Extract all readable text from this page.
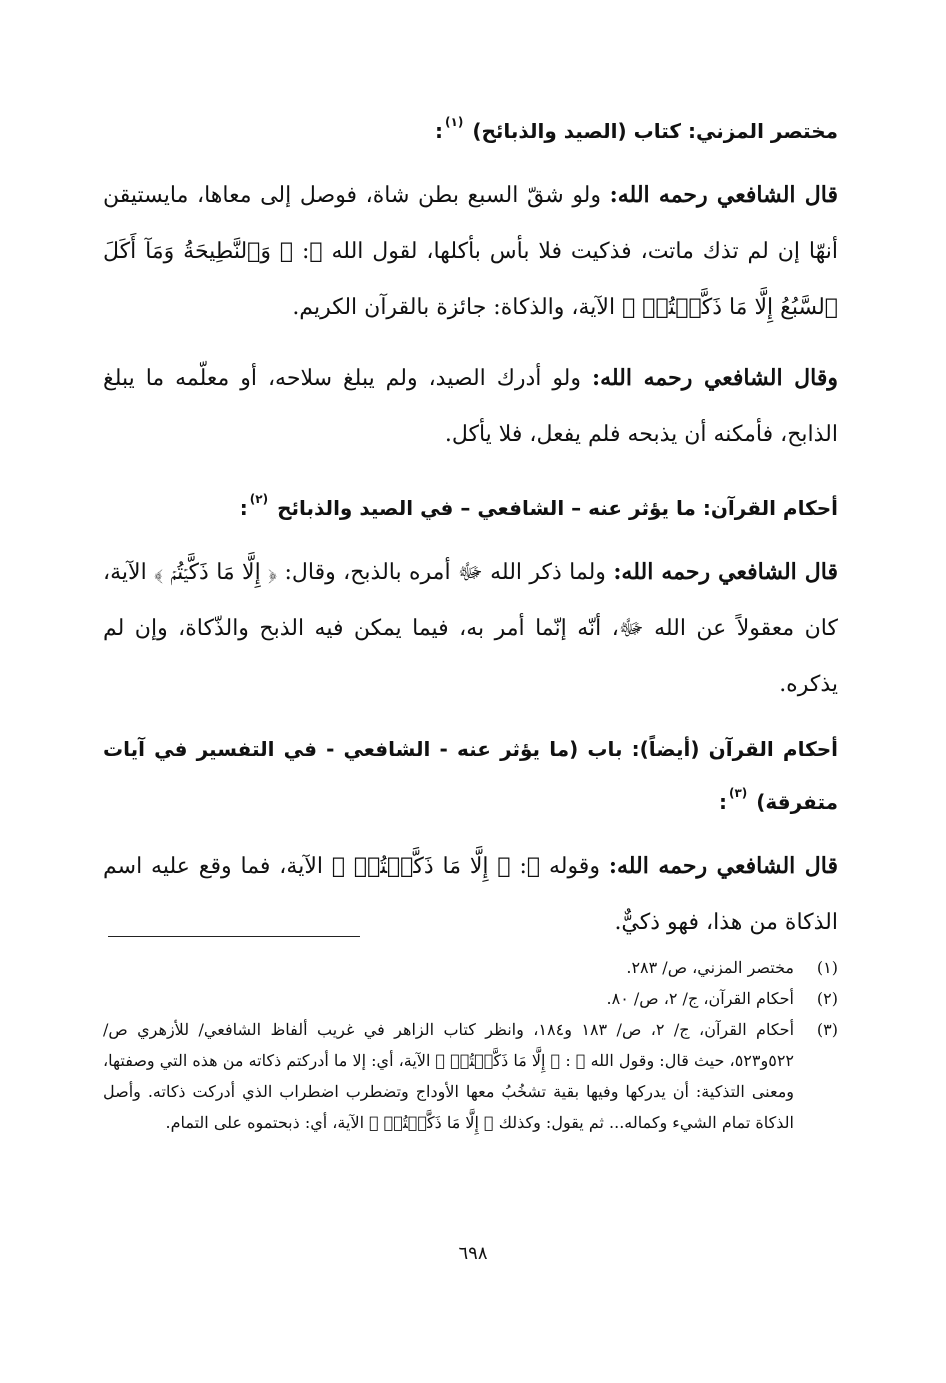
مختصر المزني: كتاب (الصيد والذبائح) $^{(١)}$:

قال الشافعي رحمه الله: ولو شقّ السبع بطن شاة، فوصل إلى معاها، مايستيقن أنهّا إن لم تذك ماتت، فذكيت فلا بأس بأكلها، لقول الله ﷻ: ﴿ وَٱلنَّطِيحَةُ وَمَآ أَكَلَ ٱلسَّبُعُ إِلَّا مَا ذَكَّيۡتُمۡ ﴾ الآية، والذكاة: جائزة بالقرآن الكريم.

وقال الشافعي رحمه الله: ولو أدرك الصيد، ولم يبلغ سلاحه، أو معلّمه ما يبلغ الذابح، فأمكنه أن يذبحه فلم يفعل، فلا يأكل.

أحكام القرآن: ما يؤثر عنه – الشافعي – في الصيد والذبائح $^{(٢)}$:

قال الشافعي رحمه الله: ولما ذكر الله ﷻ أمره بالذبح، وقال: ﴿ إِلَّا مَا ذَكَّيۡتُمۡ ﴾ الآية، كان معقولاً عن الله ﷻ، أنّه إنّما أمر به، فيما يمكن فيه الذبح والذّكاة، وإن لم يذكره.

أحكام القرآن (أيضاً): باب (ما يؤثر عنه - الشافعي - في التفسير في آيات متفرقة) $^{(٣)}$:

قال الشافعي رحمه الله: وقوله ﷻ: ﴿ إِلَّا مَا ذَكَّيۡتُمۡ ﴾ الآية، فما وقع عليه اسم الذكاة من هذا، فهو ذكيٌّ.

(١)
مختصر المزني، ص/ ٢٨٣.
(٢)
أحكام القرآن، ج/ ٢، ص/ ٨٠.
(٣)
أحكام القرآن، ج/ ٢، ص/ ١٨٣ و١٨٤، وانظر كتاب الزاهر في غريب ألفاظ الشافعي/ للأزهري ص/ ٥٢٢و٥٢٣، حيث قال: وقول الله ﷻ : ﴿ إِلَّا مَا ذَكَّيۡتُمۡ ﴾ الآية، أي: إلا ما أدركتم ذكاته من هذه التي وصفتها، ومعنى التذكية: أن يدركها وفيها بقية تشخُبُ معها الأوداج وتضطرب اضطراب الذي أدركت ذكاته. وأصل الذكاة تمام الشيء وكماله... ثم يقول: وكذلك ﴿ إِلَّا مَا ذَكَّيۡتُمۡ ﴾ الآية، أي: ذبحتموه على التمام.
٦٩٨
